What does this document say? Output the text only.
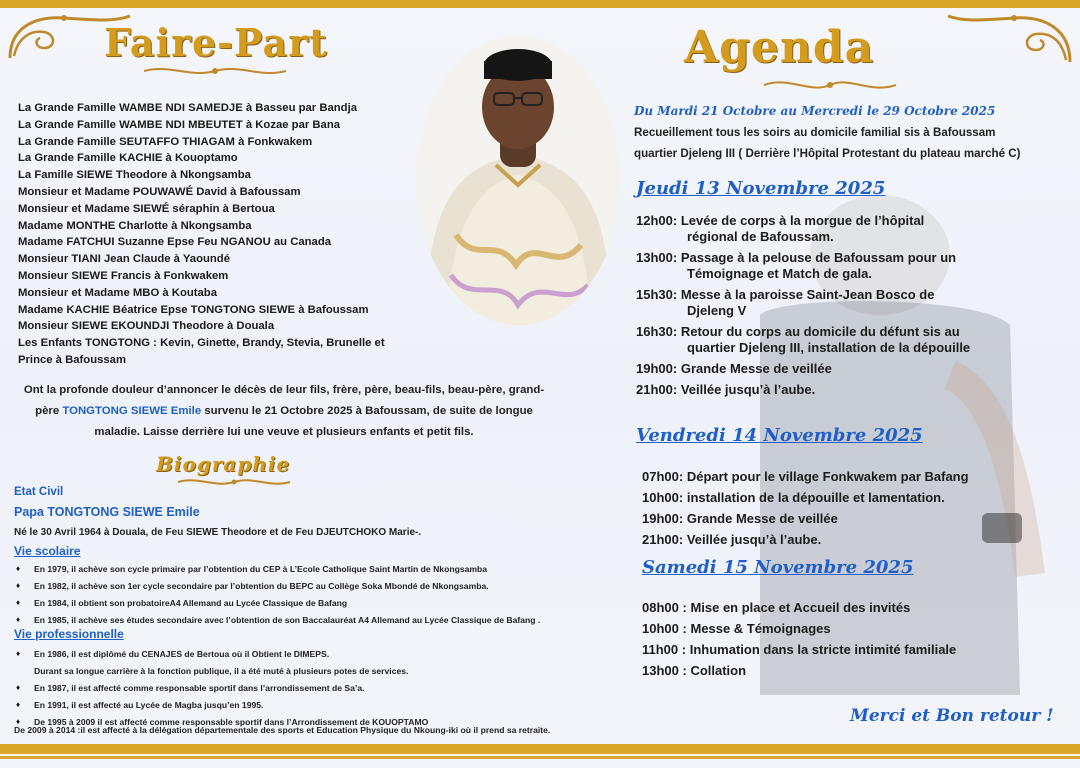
Faire-Part
La Grande Famille WAMBE NDI SAMEDJE à Basseu par Bandja
La Grande Famille WAMBE NDI MBEUTET à Kozae par Bana
La Grande Famille SEUTAFFO THIAGAM à Fonkwakem
La Grande Famille KACHIE à Kouoptamo
La Famille SIEWE Theodore à Nkongsamba
Monsieur et Madame POUWAWÉ David à Bafoussam
Monsieur et Madame SIEWÉ séraphin à Bertoua
Madame MONTHE Charlotte à Nkongsamba
Madame FATCHUI Suzanne Epse Feu NGANOU au Canada
Monsieur TIANI Jean Claude à Yaoundé
Monsieur SIEWE Francis à Fonkwakem
Monsieur et Madame MBO à Koutaba
Madame KACHIE Béatrice Epse TONGTONG SIEWE à Bafoussam
Monsieur SIEWE EKOUNDJI Theodore à Douala
Les Enfants TONGTONG : Kevin, Ginette, Brandy, Stevia, Brunelle et Prince à Bafoussam
Ont la profonde douleur d’annoncer le décès de leur fils, frère, père, beau-fils, beau-père, grand-père TONGTONG SIEWE Emile survenu le 21 Octobre 2025 à Bafoussam, de suite de longue maladie. Laisse derrière lui une veuve et plusieurs enfants et petit fils.
Biographie
Etat Civil
Papa TONGTONG SIEWE Emile
Né le 30 Avril 1964 à Douala, de Feu SIEWE Theodore et de Feu DJEUTCHOKO Marie-.
Vie scolaire
♦ En 1979, il achève son cycle primaire par l’obtention du CEP à L’Ecole Catholique Saint Martin de Nkongsamba
♦ En 1982, il achève son 1er cycle secondaire par l’obtention du BEPC au Collège Soka Mbondé de Nkongsamba.
♦ En 1984, il obtient son probatoireA4 Allemand au Lycée Classique de Bafang
♦ En 1985, il achève ses études secondaire avec l’obtention de son Baccalauréat A4 Allemand au Lycée Classique de Bafang .
Vie professionnelle
♦ En 1986, il est diplômé du CENAJES de Bertoua où il Obtient le DIMEPS.
Durant sa longue carrière à la fonction publique, il a été muté à plusieurs potes de services.
♦ En 1987, il est affecté comme responsable sportif dans l’arrondissement de Sa’a.
♦ En 1991, il est affecté au Lycée de Magba jusqu’en 1995.
♦ De 1995 à 2009 il est affecté comme responsable sportif dans l’Arrondissement de KOUOPTAMO
De 2009 à 2014 :il est affecté à la délégation départementale des sports et Education Physique du Nkoung-iki où il prend sa retraite.
Agenda
Du Mardi 21 Octobre au Mercredi le 29 Octobre 2025
Recueillement tous les soirs au domicile familial sis à Bafoussam
quartier Djeleng III ( Derrière l’Hôpital Protestant du plateau marché C)
Jeudi 13 Novembre 2025
12h00: Levée de corps à la morgue de l’hôpital
régional de Bafoussam.
13h00: Passage à la pelouse de Bafoussam pour un
Témoignage et Match de gala.
15h30: Messe à la paroisse Saint-Jean Bosco de
Djeleng V
16h30: Retour du corps au domicile du défunt sis au
quartier Djeleng III, installation de la dépouille
19h00: Grande Messe de veillée
21h00: Veillée jusqu’à l’aube.
Vendredi 14 Novembre 2025
07h00: Départ pour le village Fonkwakem par Bafang
10h00: installation de la dépouille et lamentation.
19h00: Grande Messe de veillée
21h00: Veillée jusqu’à l’aube.
Samedi 15 Novembre 2025
08h00 : Mise en place et Accueil des invités
10h00 : Messe & Témoignages
11h00 : Inhumation dans la stricte intimité familiale
13h00 : Collation
Merci et Bon retour !
